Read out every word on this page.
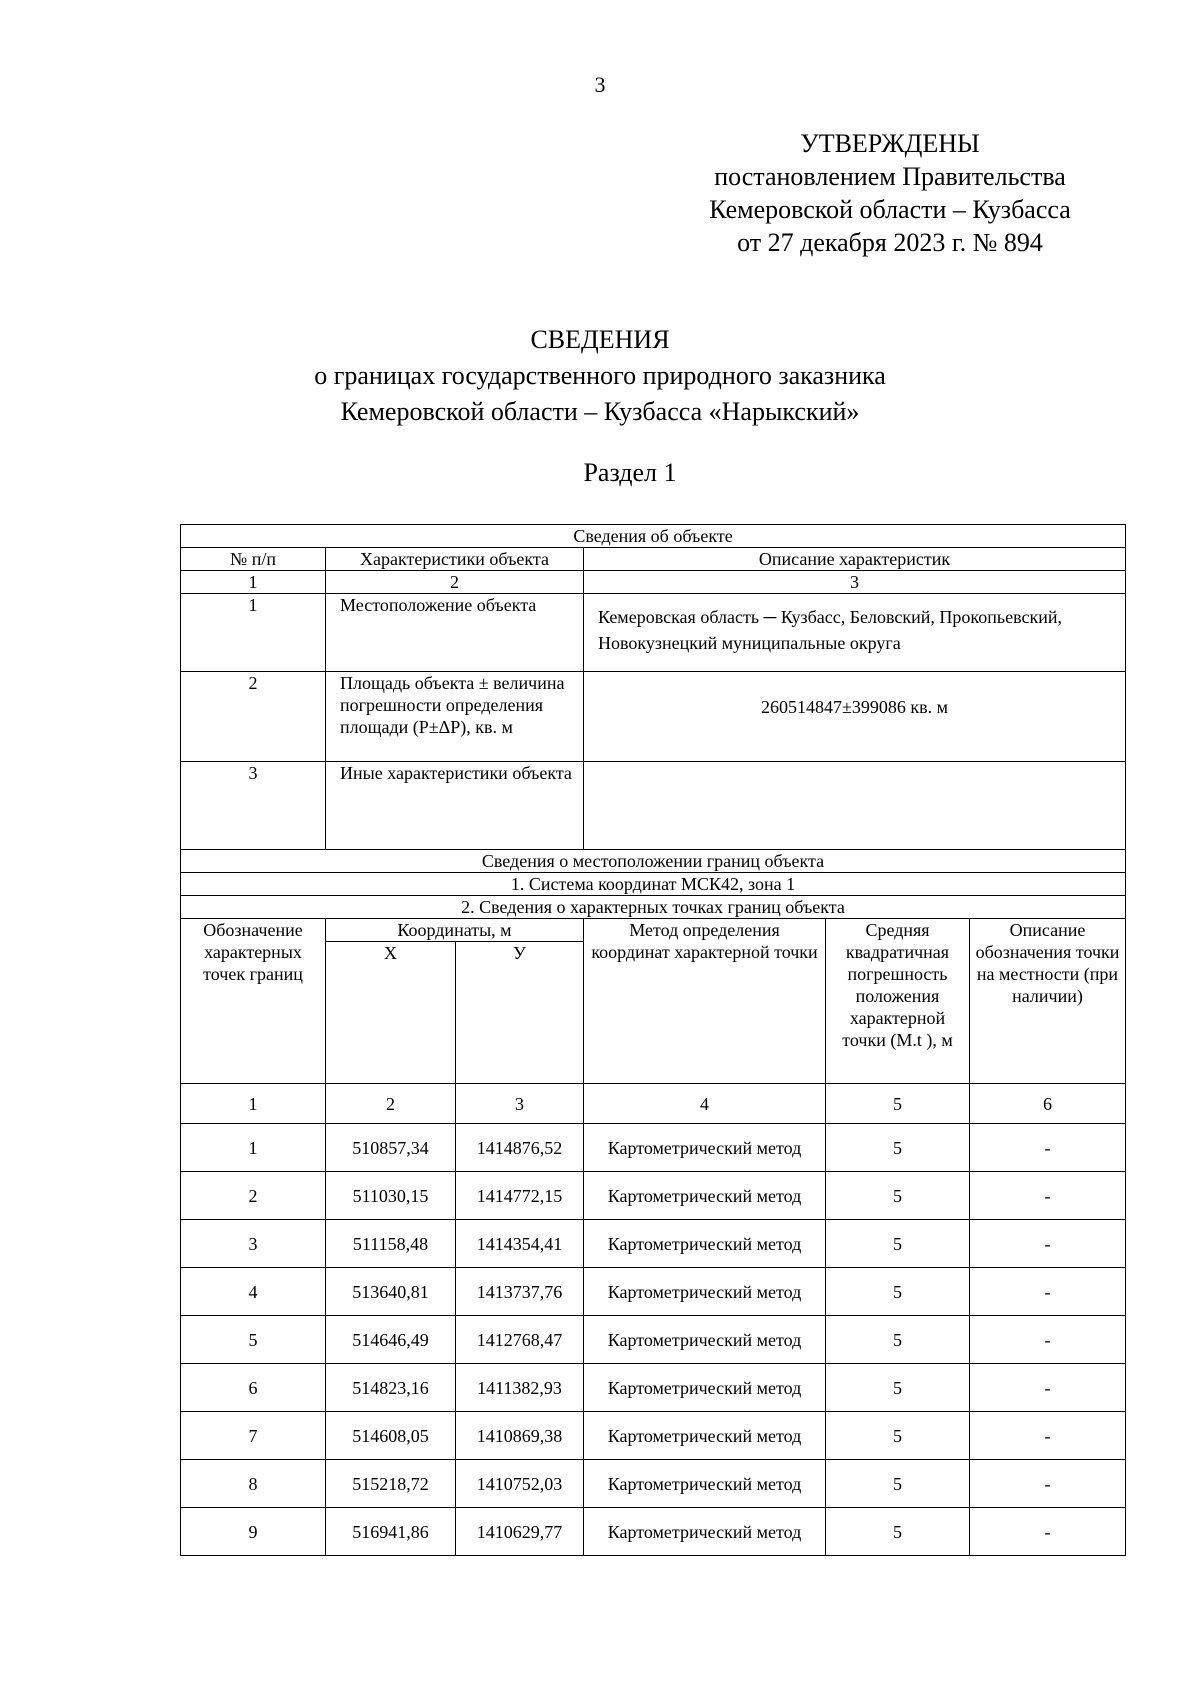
3
УТВЕРЖДЕНЫ
постановлением Правительства
Кемеровской области – Кузбасса
от 27 декабря 2023 г. № 894
СВЕДЕНИЯ
о границах государственного природного заказника
Кемеровской области – Кузбасса «Нарыкский»
Раздел 1
Сведения об объекте					
№ п/п	Характеристики объекта		Описание характеристик		
1	2		3		
1	Местоположение объекта		Кемеровская область ─ Кузбасс, Беловский, Прокопьевский, Новокузнецкий муниципальные округа		
2	Площадь объекта ± величина погрешности определения площади (P±ΔP), кв. м		260514847±399086 кв. м		
3	Иные характеристики объекта				
Сведения о местоположении границ объекта					
1. Система координат МСК42, зона 1					
2. Сведения о характерных точках границ объекта					
Обозначение характерных точек границ	Координаты, м		Метод определения координат характерной точки	Средняя квадратичная погрешность положения характерной точки (М.t ), м	Описание обозначения точки на местности (при наличии)
	X	У			
1	2	3	4	5	6
1	510857,34	1414876,52	Картометрический метод	5	-
2	511030,15	1414772,15	Картометрический метод	5	-
3	511158,48	1414354,41	Картометрический метод	5	-
4	513640,81	1413737,76	Картометрический метод	5	-
5	514646,49	1412768,47	Картометрический метод	5	-
6	514823,16	1411382,93	Картометрический метод	5	-
7	514608,05	1410869,38	Картометрический метод	5	-
8	515218,72	1410752,03	Картометрический метод	5	-
9	516941,86	1410629,77	Картометрический метод	5	-
